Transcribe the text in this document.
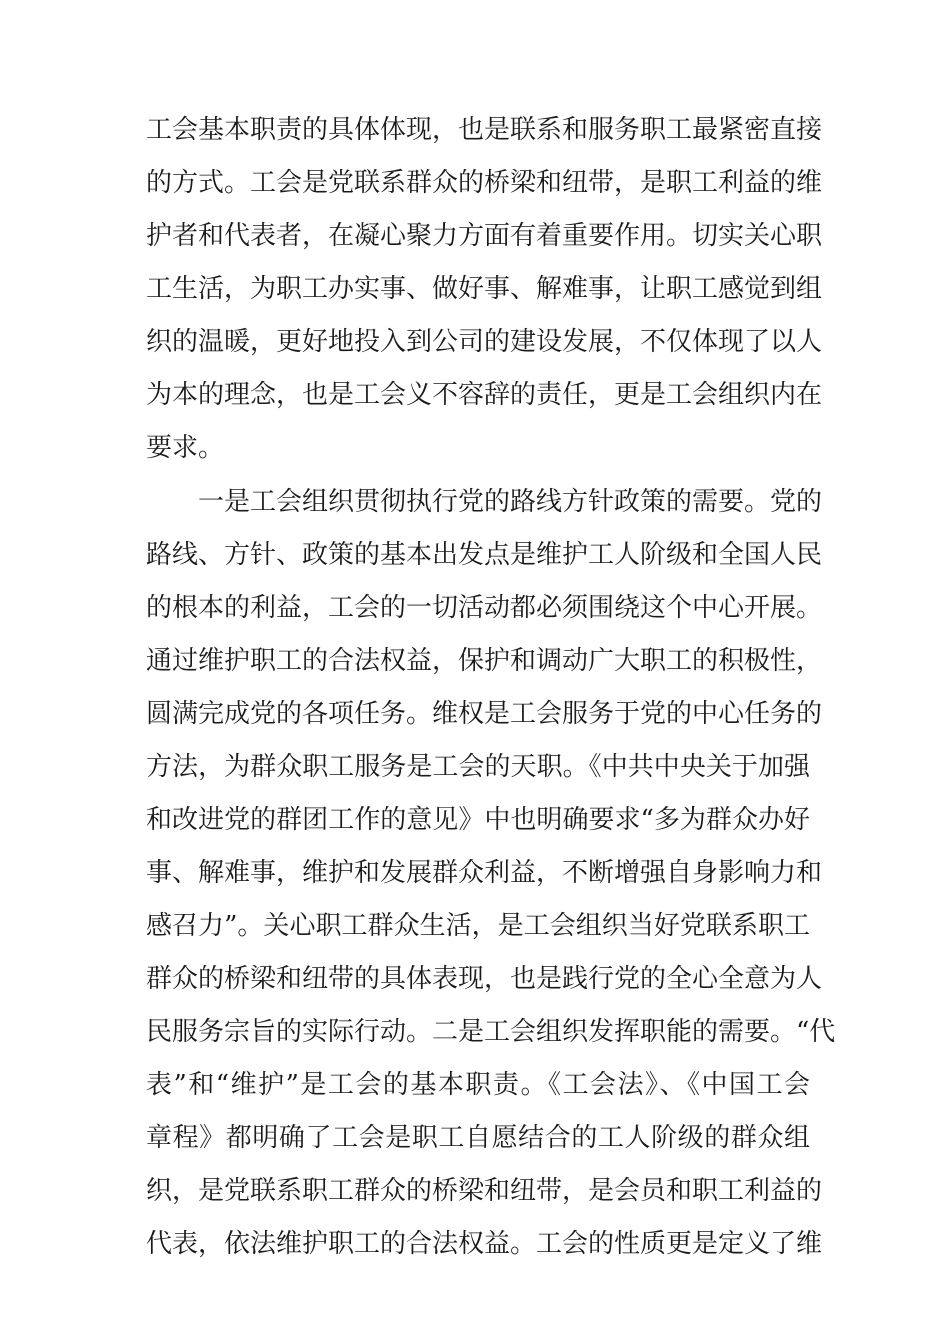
工会基本职责的具体体现，也是联系和服务职工最紧密直接
的方式。工会是党联系群众的桥梁和纽带，是职工利益的维
护者和代表者，在凝心聚力方面有着重要作用。切实关心职
工生活，为职工办实事、做好事、解难事，让职工感觉到组
织的温暖，更好地投入到公司的建设发展，不仅体现了以人
为本的理念，也是工会义不容辞的责任，更是工会组织内在
要求。
一是工会组织贯彻执行党的路线方针政策的需要。党的
路线、方针、政策的基本出发点是维护工人阶级和全国人民
的根本的利益，工会的一切活动都必须围绕这个中心开展。
通过维护职工的合法权益，保护和调动广大职工的积极性，
圆满完成党的各项任务。维权是工会服务于党的中心任务的
方法，为群众职工服务是工会的天职。《中共中央关于加强
和改进党的群团工作的意见》中也明确要求“多为群众办好
事、解难事，维护和发展群众利益，不断增强自身影响力和
感召力”。关心职工群众生活，是工会组织当好党联系职工
群众的桥梁和纽带的具体表现，也是践行党的全心全意为人
民服务宗旨的实际行动。二是工会组织发挥职能的需要。“代
表”和“维护”是工会的基本职责。《工会法》、《中国工会
章程》都明确了工会是职工自愿结合的工人阶级的群众组
织，是党联系职工群众的桥梁和纽带，是会员和职工利益的
代表，依法维护职工的合法权益。工会的性质更是定义了维
